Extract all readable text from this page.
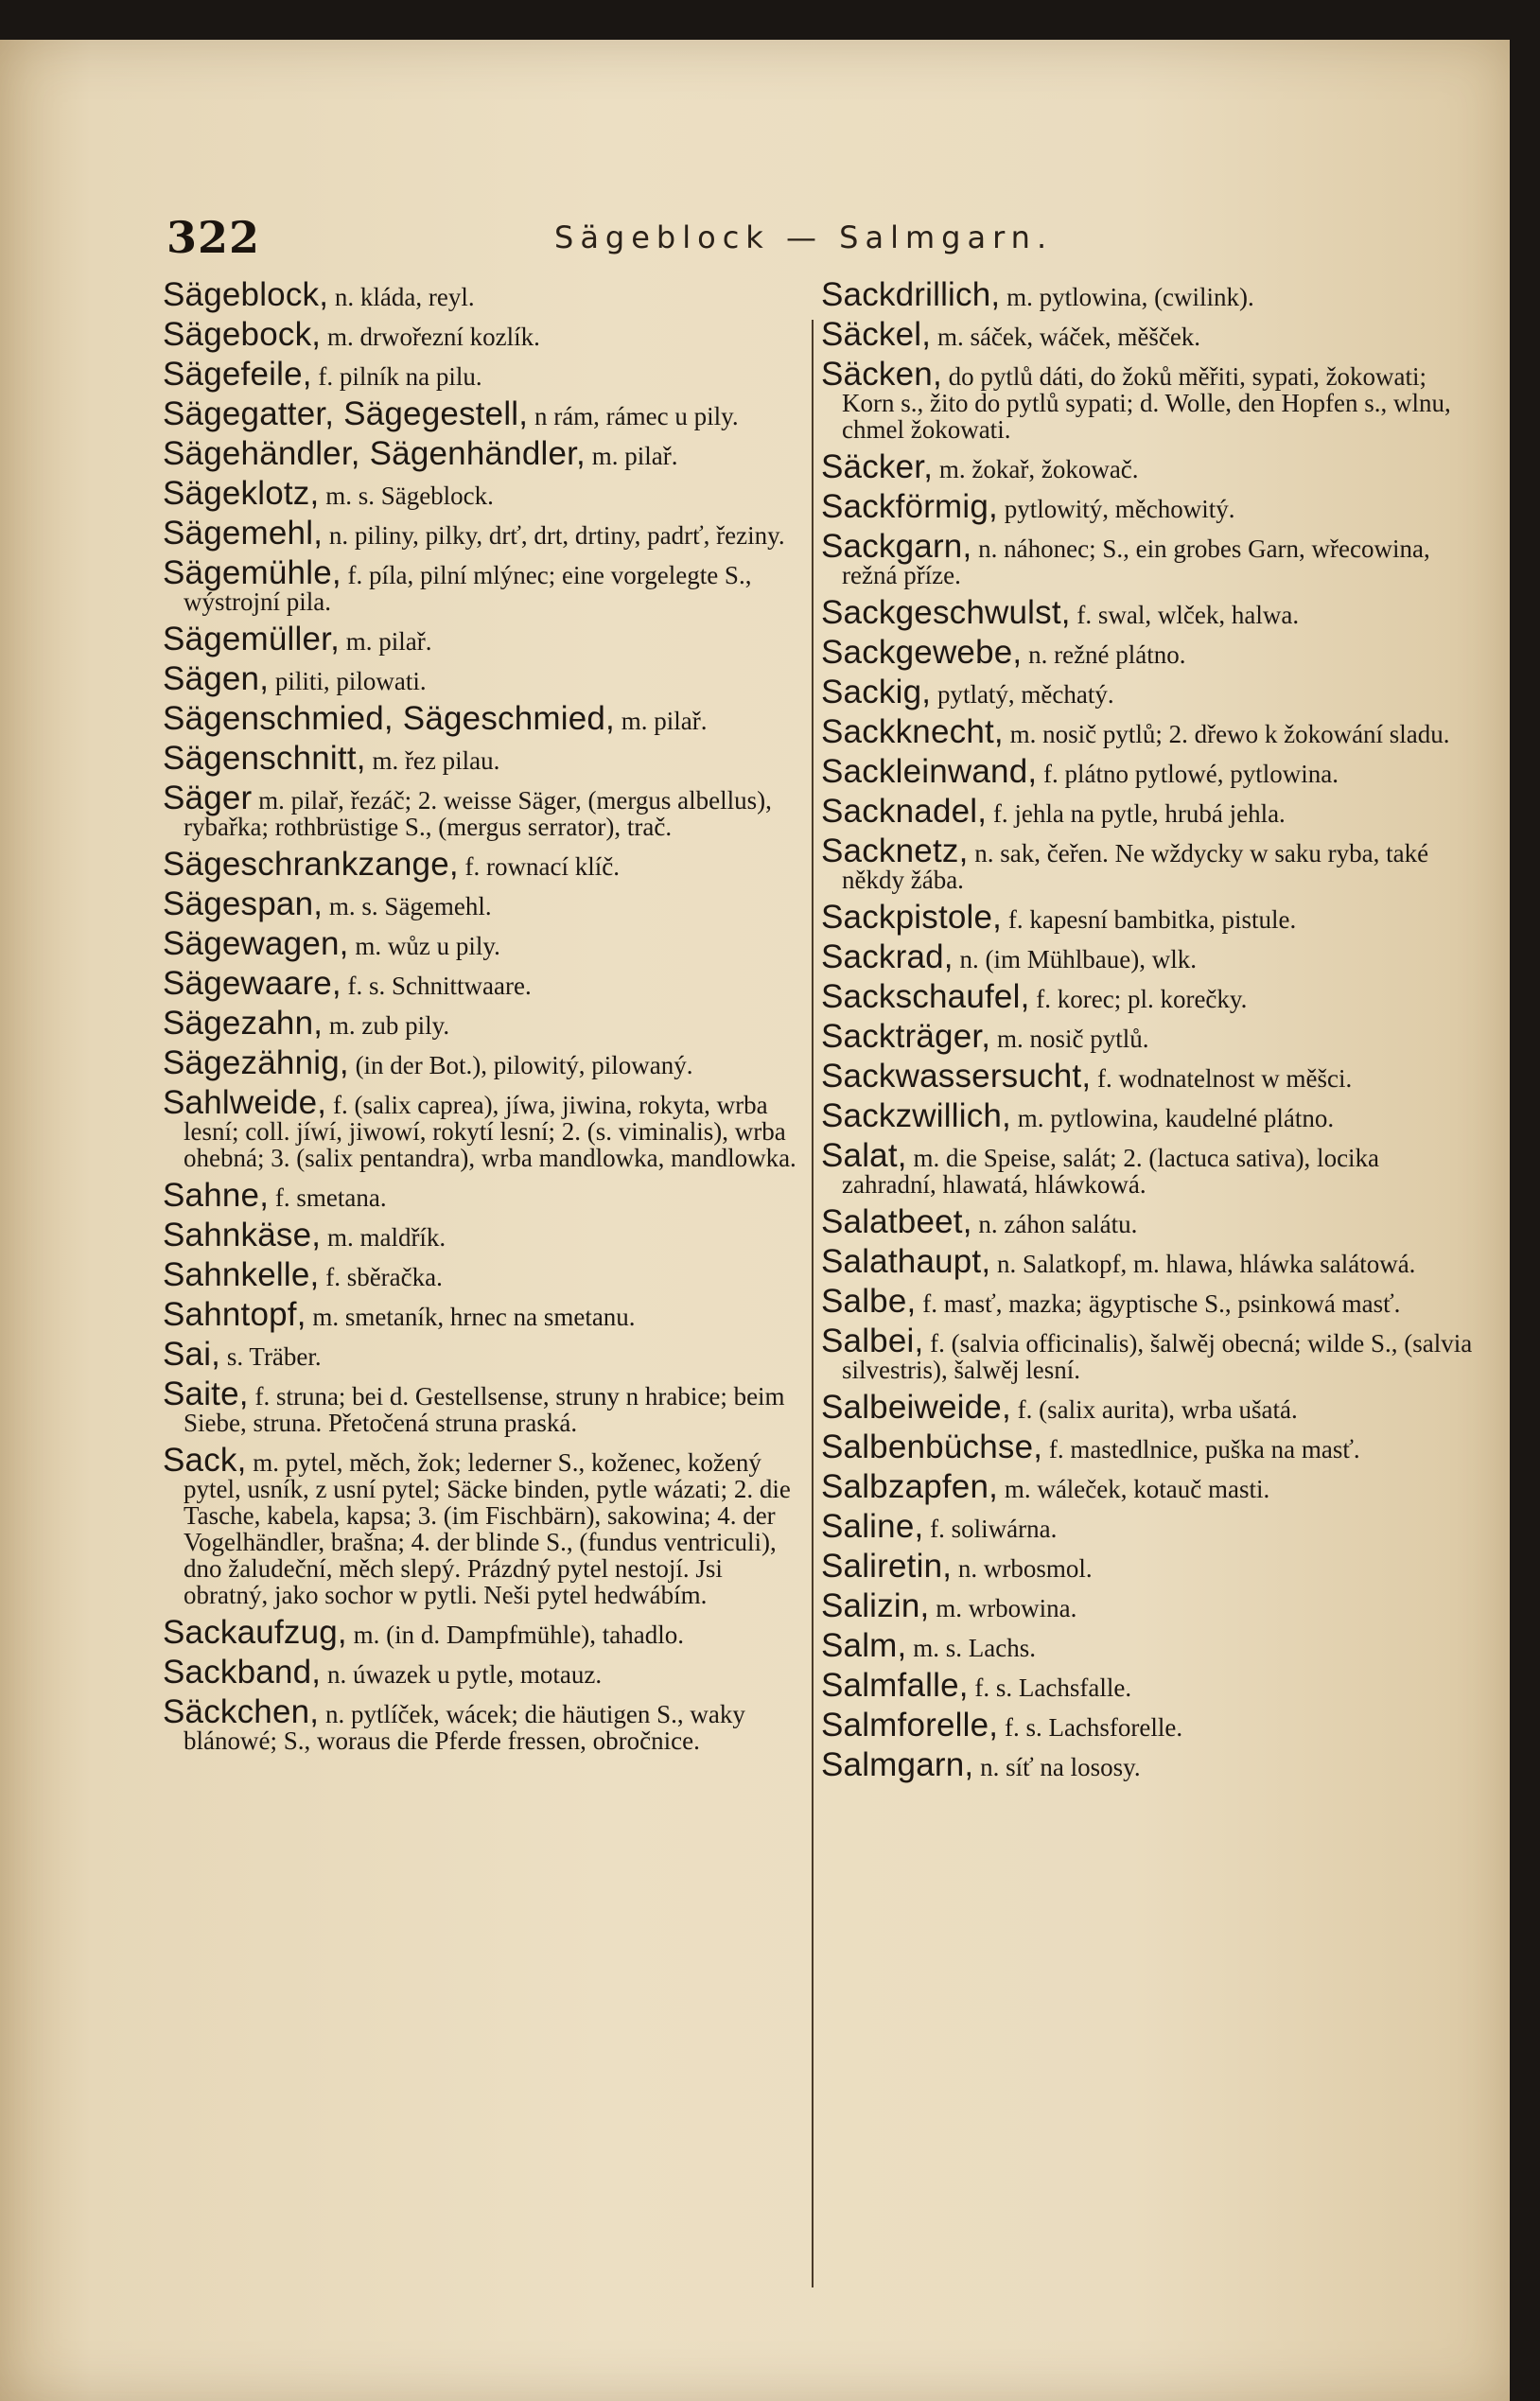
322	Sägeblock — Salmgarn.

Sägeblock, n. kláda, reyl.

Sägebock, m. drwořezní kozlík.

Sägefeile, f. pilník na pilu.

Sägegatter, Sägegestell, n rám, rámec u pily.

Sägehändler, Sägenhändler, m. pilař.

Sägeklotz, m. s. Sägeblock.

Sägemehl, n. piliny, pilky, drť, drt, drtiny, padrť, řeziny.

Sägemühle, f. píla, pilní mlýnec; eine vorgelegte S., wýstrojní pila.

Sägemüller, m. pilař.

Sägen, piliti, pilowati.

Sägenschmied, Sägeschmied, m. pilař.

Sägenschnitt, m. řez pilau.

Säger m. pilař, řezáč; 2. weisse Säger, (mergus albellus), rybařka; rothbrüstige S., (mergus serrator), trač.

Sägeschrankzange, f. rownací klíč.

Sägespan, m. s. Sägemehl.

Sägewagen, m. wůz u pily.

Sägewaare, f. s. Schnittwaare.

Sägezahn, m. zub pily.

Sägezähnig, (in der Bot.), pilowitý, pilowaný.

Sahlweide, f. (salix caprea), jíwa, jiwina, rokyta, wrba lesní; coll. jíwí, jiwowí, rokytí lesní; 2. (s. viminalis), wrba ohebná; 3. (salix pentandra), wrba mandlowka, mandlowka.

Sahne, f. smetana.

Sahnkäse, m. maldřík.

Sahnkelle, f. sběračka.

Sahntopf, m. smetaník, hrnec na smetanu.

Sai, s. Träber.

Saite, f. struna; bei d. Gestellsense, struny n hrabice; beim Siebe, struna. Přetočená struna praská.

Sack, m. pytel, měch, žok; lederner S., koženec, kožený pytel, usník, z usní pytel; Säcke binden, pytle wázati; 2. die Tasche, kabela, kapsa; 3. (im Fischbärn), sakowina; 4. der Vogelhändler, brašna; 4. der blinde S., (fundus ventriculi), dno žaludeční, měch slepý. Prázdný pytel nestojí. Jsi obratný, jako sochor w pytli. Neši pytel hedwábím.

Sackaufzug, m. (in d. Dampfmühle), tahadlo.

Sackband, n. úwazek u pytle, motauz.

Säckchen, n. pytlíček, wácek; die häutigen S., waky blánowé; S., woraus die Pferde fressen, obročnice.

Sackdrillich, m. pytlowina, (cwilink).

Säckel, m. sáček, wáček, měšček.

Säcken, do pytlů dáti, do žoků měřiti, sypati, žokowati; Korn s., žito do pytlů sypati; d. Wolle, den Hopfen s., wlnu, chmel žokowati.

Säcker, m. žokař, žokowač.

Sackförmig, pytlowitý, měchowitý.

Sackgarn, n. náhonec; S., ein grobes Garn, wřecowina, režná příze.

Sackgeschwulst, f. swal, wlček, halwa.

Sackgewebe, n. režné plátno.

Sackig, pytlatý, měchatý.

Sackknecht, m. nosič pytlů; 2. dřewo k žokowání sladu.

Sackleinwand, f. plátno pytlowé, pytlowina.

Sacknadel, f. jehla na pytle, hrubá jehla.

Sacknetz, n. sak, čeřen. Ne wždycky w saku ryba, také někdy žába.

Sackpistole, f. kapesní bambitka, pistule.

Sackrad, n. (im Mühlbaue), wlk.

Sackschaufel, f. korec; pl. korečky.

Sackträger, m. nosič pytlů.

Sackwassersucht, f. wodnatelnost w měšci.

Sackzwillich, m. pytlowina, kaudelné plátno.

Salat, m. die Speise, salát; 2. (lactuca sativa), locika zahradní, hlawatá, hláwkowá.

Salatbeet, n. záhon salátu.

Salathaupt, n. Salatkopf, m. hlawa, hláwka salátowá.

Salbe, f. masť, mazka; ägyptische S., psinkowá masť.

Salbei, f. (salvia officinalis), šalwěj obecná; wilde S., (salvia silvestris), šalwěj lesní.

Salbeiweide, f. (salix aurita), wrba ušatá.

Salbenbüchse, f. mastedlnice, puška na masť.

Salbzapfen, m. wáleček, kotauč masti.

Saline, f. soliwárna.

Saliretin, n. wrbosmol.

Salizin, m. wrbowina.

Salm, m. s. Lachs.

Salmfalle, f. s. Lachsfalle.

Salmforelle, f. s. Lachsforelle.

Salmgarn, n. síť na lososy.
